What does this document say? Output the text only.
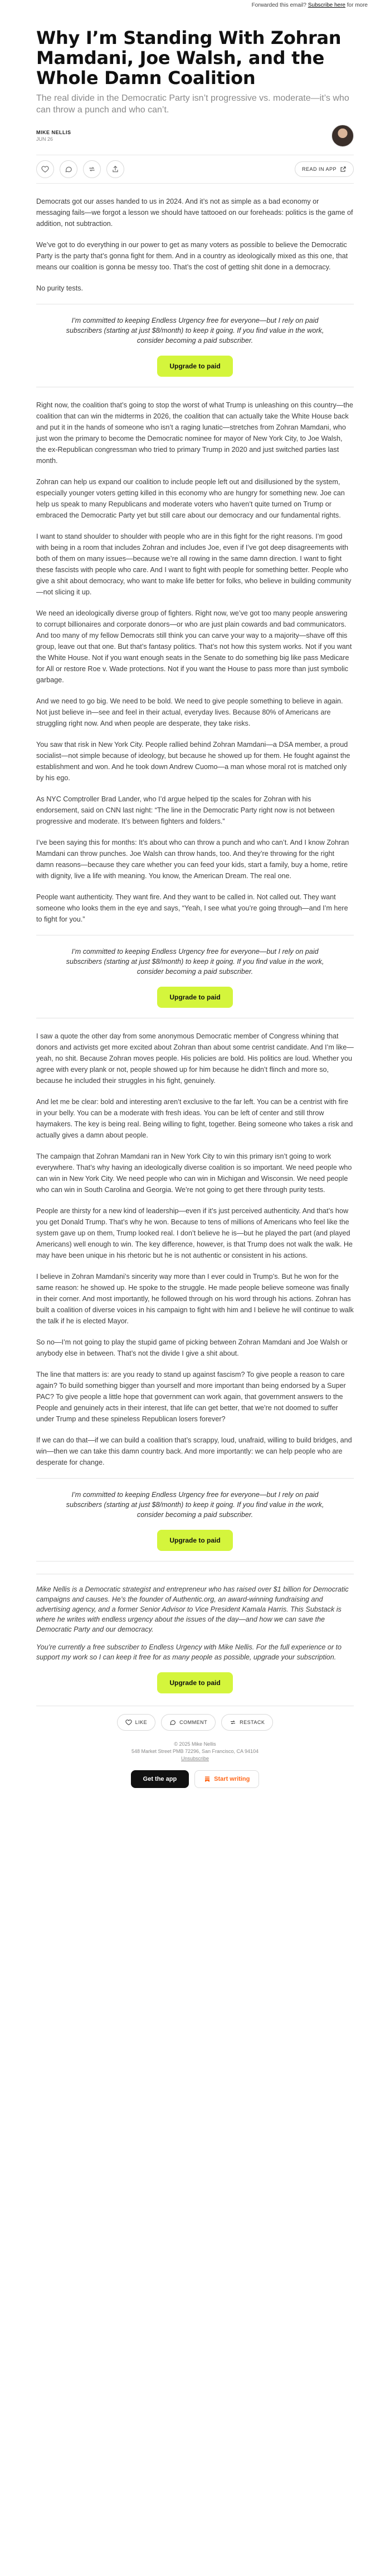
Forwarded this email? Subscribe here for more
Why I’m Standing With Zohran Mamdani, Joe Walsh, and the Whole Damn Coalition
The real divide in the Democratic Party isn’t progressive vs. moderate—it’s who can throw a punch and who can’t.
MIKE NELLIS
JUN 26
READ IN APP

Democrats got our asses handed to us in 2024. And it’s not as simple as a bad economy or messaging fails—we forgot a lesson we should have tattooed on our foreheads: politics is the game of addition, not subtraction.

We’ve got to do everything in our power to get as many voters as possible to believe the Democratic Party is the party that’s gonna fight for them. And in a country as ideologically mixed as this one, that means our coalition is gonna be messy too. That’s the cost of getting shit done in a democracy.

No purity tests.

I’m committed to keeping Endless Urgency free for everyone—but I rely on paid subscribers (starting at just $8/month) to keep it going. If you find value in the work, consider becoming a paid subscriber.

Upgrade to paid

Right now, the coalition that’s going to stop the worst of what Trump is unleashing on this country—the coalition that can win the midterms in 2026, the coalition that can actually take the White House back and put it in the hands of someone who isn’t a raging lunatic—stretches from Zohran Mamdani, who just won the primary to become the Democratic nominee for mayor of New York City, to Joe Walsh, the ex-Republican congressman who tried to primary Trump in 2020 and just switched parties last month.

Zohran can help us expand our coalition to include people left out and disillusioned by the system, especially younger voters getting killed in this economy who are hungry for something new. Joe can help us speak to many Republicans and moderate voters who haven’t quite turned on Trump or embraced the Democratic Party yet but still care about our democracy and our fundamental rights.

I want to stand shoulder to shoulder with people who are in this fight for the right reasons. I’m good with being in a room that includes Zohran and includes Joe, even if I’ve got deep disagreements with both of them on many issues—because we’re all rowing in the same damn direction. I want to fight these fascists with people who care. And I want to fight with people for something better. People who give a shit about democracy, who want to make life better for folks, who believe in building community—not slicing it up.

We need an ideologically diverse group of fighters. Right now, we’ve got too many people answering to corrupt billionaires and corporate donors—or who are just plain cowards and bad communicators. And too many of my fellow Democrats still think you can carve your way to a majority—shave off this group, leave out that one. But that’s fantasy politics. That’s not how this system works. Not if you want the White House. Not if you want enough seats in the Senate to do something big like pass Medicare for All or restore Roe v. Wade protections. Not if you want the House to pass more than just symbolic garbage.

And we need to go big. We need to be bold. We need to give people something to believe in again. Not just believe in—see and feel in their actual, everyday lives. Because 80% of Americans are struggling right now. And when people are desperate, they take risks.

You saw that risk in New York City. People rallied behind Zohran Mamdani—a DSA member, a proud socialist—not simple because of ideology, but because he showed up for them. He fought against the establishment and won. And he took down Andrew Cuomo—a man whose moral rot is matched only by his ego.

As NYC Comptroller Brad Lander, who I’d argue helped tip the scales for Zohran with his endorsement, said on CNN last night: “The line in the Democratic Party right now is not between progressive and moderate. It’s between fighters and folders.”

I’ve been saying this for months: It’s about who can throw a punch and who can’t. And I know Zohran Mamdani can throw punches. Joe Walsh can throw hands, too. And they’re throwing for the right damn reasons—because they care whether you can feed your kids, start a family, buy a home, retire with dignity, live a life with meaning. You know, the American Dream. The real one.

People want authenticity. They want fire. And they want to be called in. Not called out. They want someone who looks them in the eye and says, “Yeah, I see what you’re going through—and I’m here to fight for you.”

I’m committed to keeping Endless Urgency free for everyone—but I rely on paid subscribers (starting at just $8/month) to keep it going. If you find value in the work, consider becoming a paid subscriber.

Upgrade to paid

I saw a quote the other day from some anonymous Democratic member of Congress whining that donors and activists get more excited about Zohran than about some centrist candidate. And I’m like—yeah, no shit. Because Zohran moves people. His policies are bold. His politics are loud. Whether you agree with every plank or not, people showed up for him because he didn’t flinch and more so, because he included their struggles in his fight, genuinely.

And let me be clear: bold and interesting aren’t exclusive to the far left. You can be a centrist with fire in your belly. You can be a moderate with fresh ideas. You can be left of center and still throw haymakers. The key is being real. Being willing to fight, together. Being someone who takes a risk and actually gives a damn about people.

The campaign that Zohran Mamdani ran in New York City to win this primary isn’t going to work everywhere. That’s why having an ideologically diverse coalition is so important. We need people who can win in New York City. We need people who can win in Michigan and Wisconsin. We need people who can win in South Carolina and Georgia. We’re not going to get there through purity tests.

People are thirsty for a new kind of leadership—even if it’s just perceived authenticity. And that’s how you get Donald Trump. That’s why he won. Because to tens of millions of Americans who feel like the system gave up on them, Trump looked real. I don’t believe he is—but he played the part (and played Americans) well enough to win. The key difference, however, is that Trump does not walk the walk. He may have been unique in his rhetoric but he is not authentic or consistent in his actions.

I believe in Zohran Mamdani’s sincerity way more than I ever could in Trump’s. But he won for the same reason: he showed up. He spoke to the struggle. He made people believe someone was finally in their corner. And most importantly, he followed through on his word through his actions. Zohran has built a coalition of diverse voices in his campaign to fight with him and I believe he will continue to walk the talk if he is elected Mayor.

So no—I’m not going to play the stupid game of picking between Zohran Mamdani and Joe Walsh or anybody else in between. That’s not the divide I give a shit about.

The line that matters is: are you ready to stand up against fascism? To give people a reason to care again? To build something bigger than yourself and more important than being endorsed by a Super PAC? To give people a little hope that government can work again, that government answers to the People and genuinely acts in their interest, that life can get better, that we’re not doomed to suffer under Trump and these spineless Republican losers forever?

If we can do that—if we can build a coalition that’s scrappy, loud, unafraid, willing to build bridges, and win—then we can take this damn country back. And more importantly: we can help people who are desperate for change.

I’m committed to keeping Endless Urgency free for everyone—but I rely on paid subscribers (starting at just $8/month) to keep it going. If you find value in the work, consider becoming a paid subscriber.

Upgrade to paid

Mike Nellis is a Democratic strategist and entrepreneur who has raised over $1 billion for Democratic campaigns and causes. He’s the founder of Authentic.org, an award-winning fundraising and advertising agency, and a former Senior Advisor to Vice President Kamala Harris. This Substack is where he writes with endless urgency about the issues of the day—and how we can save the Democratic Party and our democracy.

You’re currently a free subscriber to Endless Urgency with Mike Nellis. For the full experience or to support my work so I can keep it free for as many people as possible, upgrade your subscription.

Upgrade to paid
LIKE	COMMENT	RESTACK
© 2025 Mike Nellis
548 Market Street PMB 72296, San Francisco, CA 94104
Unsubscribe
Get the app	Start writing
